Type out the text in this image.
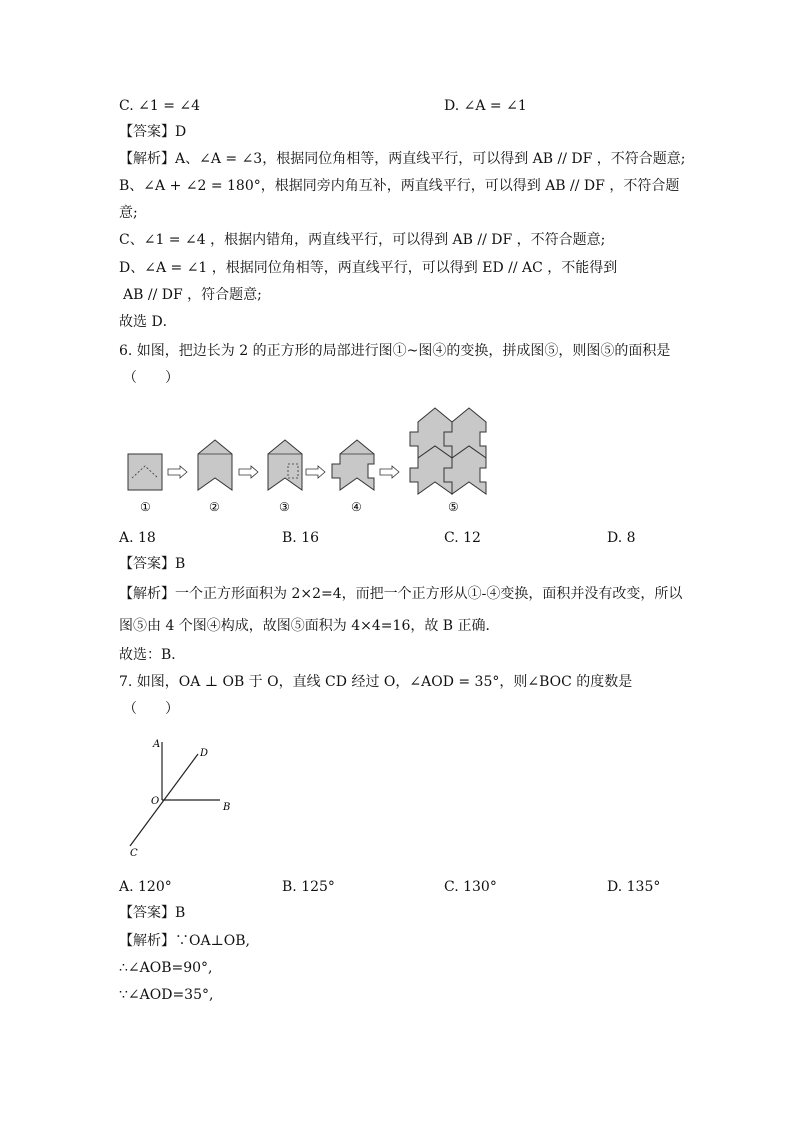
C. ∠1 = ∠4	D. ∠A = ∠1
【答案】D
【解析】A、∠A = ∠3，根据同位角相等，两直线平行，可以得到 AB // DF ，不符合题意;
B、∠A + ∠2 = 180°，根据同旁内角互补，两直线平行，可以得到 AB // DF ，不符合题
意;
C、∠1 = ∠4 ，根据内错角，两直线平行，可以得到 AB // DF ，不符合题意;
D、∠A = ∠1 ，根据同位角相等，两直线平行，可以得到 ED // AC ，不能得到
AB // DF ，符合题意;
故选 D．
6. 如图，把边长为 2 的正方形的局部进行图①~图④的变换，拼成图⑤，则图⑤的面积是
（　　）
①	②	③	④	⑤
A. 18	B. 16	C. 12	D. 8
【答案】B
【解析】一个正方形面积为 2×2=4，而把一个正方形从①-④变换，面积并没有改变，所以
图⑤由 4 个图④构成，故图⑤面积为 4×4=16，故 B 正确．
故选：B．
7. 如图，OA ⊥ OB 于 O，直线 CD 经过 O，∠AOD = 35°，则∠BOC 的度数是
（　　）
A
D
O
B
C
A. 120°	B. 125°	C. 130°	D. 135°
【答案】B
【解析】∵OA⊥OB,
∴∠AOB=90°,
∵∠AOD=35°,
